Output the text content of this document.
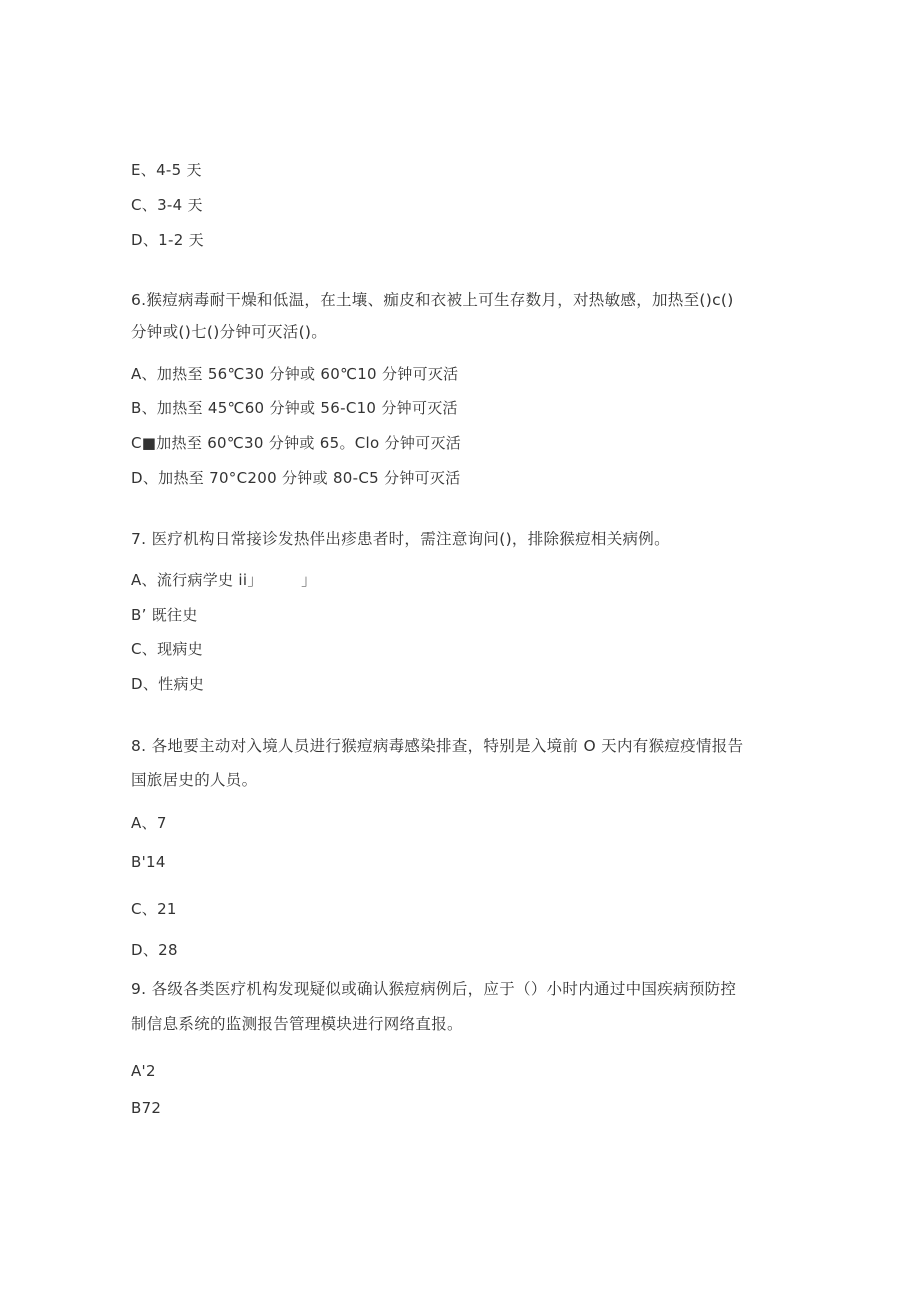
E、4-5 天
C、3-4 天
D、1-2 天
6.猴痘病毒耐干燥和低温，在土壤、痂皮和衣被上可生存数月，对热敏感，加热至()c()
分钟或()七()分钟可灭活()。
A、加热至 56℃30 分钟或 60℃10 分钟可灭活
B、加热至 45℃60 分钟或 56-C10 分钟可灭活
C■加热至 60℃30 分钟或 65。Clo 分钟可灭活
D、加热至 70°C200 分钟或 80-C5 分钟可灭活
7. 医疗机构日常接诊发热伴出疹患者时，需注意询问()，排除猴痘相关病例。
A、流行病学史 ii」　　　」
B’ 既往史
C、现病史
D、性病史
8. 各地要主动对入境人员进行猴痘病毒感染排查，特别是入境前 O 天内有猴痘疫情报告
国旅居史的人员。
A、7
B'14
C、21
D、28
9. 各级各类医疗机构发现疑似或确认猴痘病例后，应于（）小时内通过中国疾病预防控
制信息系统的监测报告管理模块进行网络直报。
A'2
B72
